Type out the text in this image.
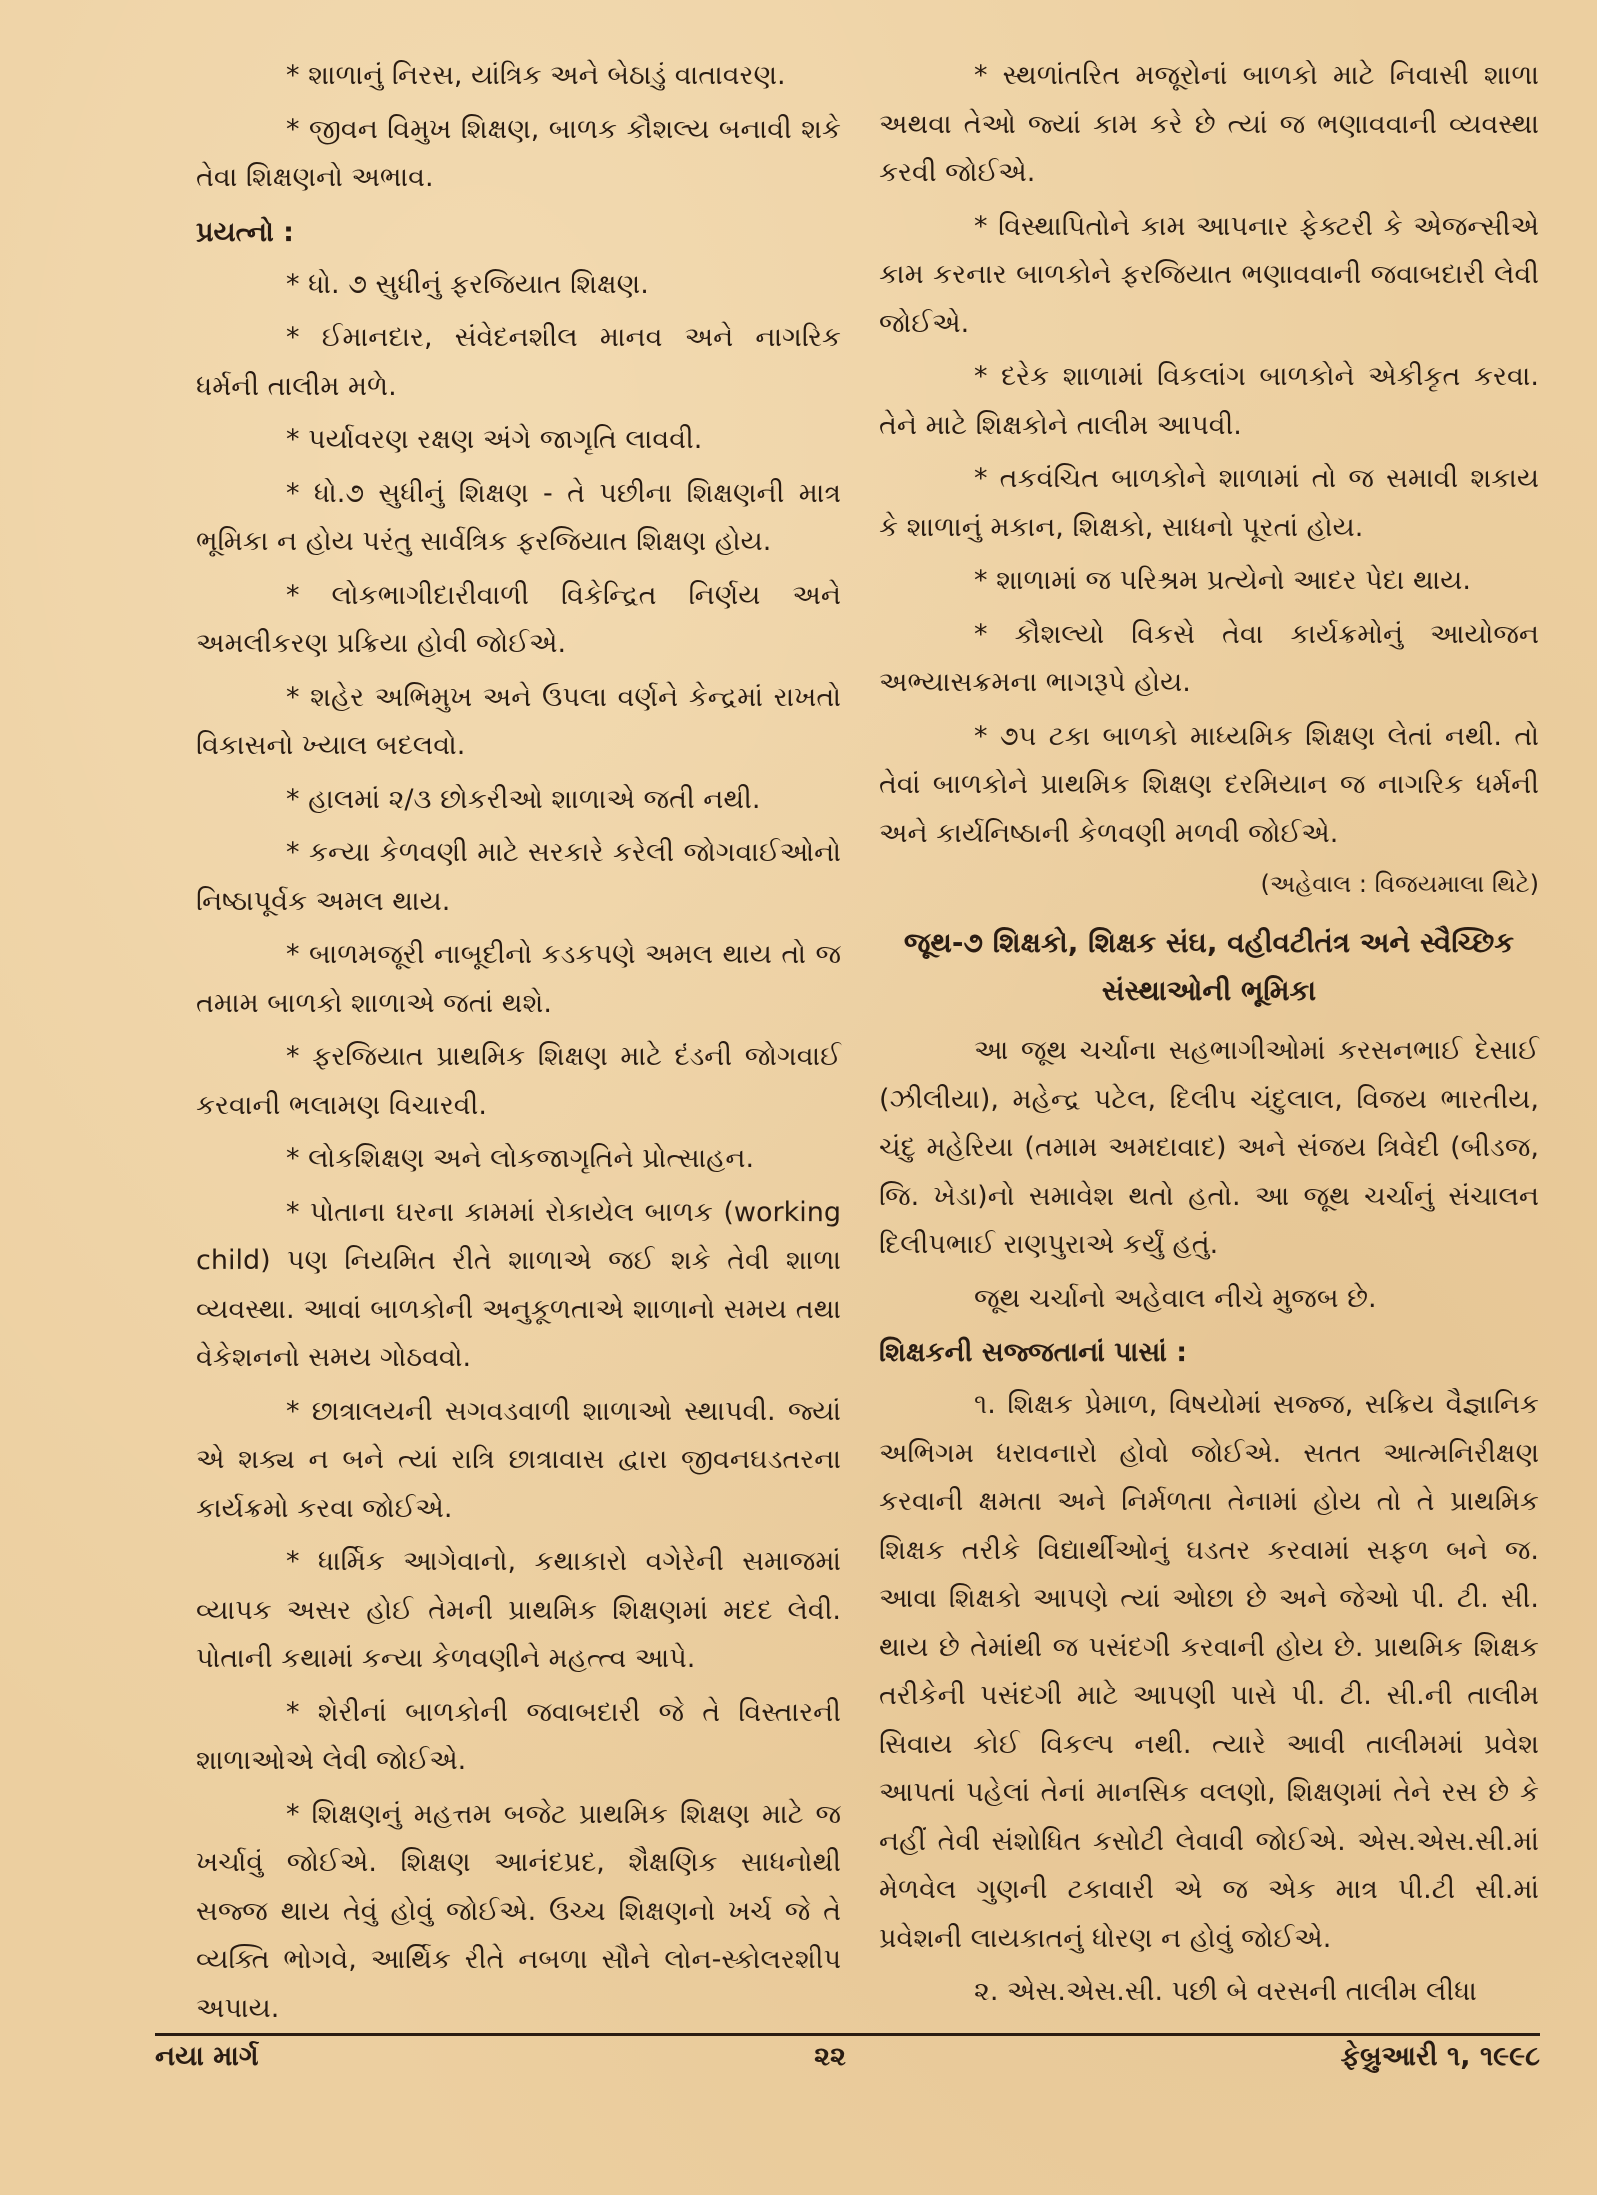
* શાળાનું નિરસ, યાંત્રિક અને બેઠાડું વાતાવરણ.

* જીવન વિમુખ શિક્ષણ, બાળક કૌશલ્ય બનાવી શકે તેવા શિક્ષણનો અભાવ.

પ્રયત્નો :

* ધો. ૭ સુધીનું ફરજિયાત શિક્ષણ.

* ઈમાનદાર, સંવેદનશીલ માનવ અને નાગરિક ધર્મની તાલીમ મળે.

* પર્યાવરણ રક્ષણ અંગે જાગૃતિ લાવવી.

* ધો.૭ સુધીનું શિક્ષણ - તે પછીના શિક્ષણની માત્ર ભૂમિકા ન હોય પરંતુ સાર્વત્રિક ફરજિયાત શિક્ષણ હોય.

* લોકભાગીદારીવાળી વિકેન્દ્રિત નિર્ણય અને અમલીકરણ પ્રક્રિયા હોવી જોઈએ.

* શહેર અભિમુખ અને ઉપલા વર્ણને કેન્દ્રમાં રાખતો વિકાસનો ખ્યાલ બદલવો.

* હાલમાં ૨/૩ છોકરીઓ શાળાએ જતી નથી.

* કન્યા કેળવણી માટે સરકારે કરેલી જોગવાઈઓનો નિષ્ઠાપૂર્વક અમલ થાય.

* બાળમજૂરી નાબૂદીનો કડકપણે અમલ થાય તો જ તમામ બાળકો શાળાએ જતાં થશે.

* ફરજિયાત પ્રાથમિક શિક્ષણ માટે દંડની જોગવાઈ કરવાની ભલામણ વિચારવી.

* લોકશિક્ષણ અને લોકજાગૃતિને પ્રોત્સાહન.

* પોતાના ઘરના કામમાં રોકાયેલ બાળક (working child) પણ નિયમિત રીતે શાળાએ જઈ શકે તેવી શાળા વ્યવસ્થા. આવાં બાળકોની અનુકૂળતાએ શાળાનો સમય તથા વેકેશનનો સમય ગોઠવવો.

* છાત્રાલયની સગવડવાળી શાળાઓ સ્થાપવી. જ્યાં એ શક્ય ન બને ત્યાં રાત્રિ છાત્રાવાસ દ્વારા જીવનઘડતરના કાર્યક્રમો કરવા જોઈએ.

* ધાર્મિક આગેવાનો, કથાકારો વગેરેની સમાજમાં વ્યાપક અસર હોઈ તેમની પ્રાથમિક શિક્ષણમાં મદદ લેવી. પોતાની કથામાં કન્યા કેળવણીને મહત્ત્વ આપે.

* શેરીનાં બાળકોની જવાબદારી જે તે વિસ્તારની શાળાઓએ લેવી જોઈએ.

* શિક્ષણનું મહત્તમ બજેટ પ્રાથમિક શિક્ષણ માટે જ ખર્ચાવું જોઈએ. શિક્ષણ આનંદપ્રદ, શૈક્ષણિક સાધનોથી સજ્જ થાય તેવું હોવું જોઈએ. ઉચ્ચ શિક્ષણનો ખર્ચ જે તે વ્યક્તિ ભોગવે, આર્થિક રીતે નબળા સૌને લોન-સ્કોલરશીપ અપાય.

* સ્થળાંતરિત મજૂરોનાં બાળકો માટે નિવાસી શાળા અથવા તેઓ જ્યાં કામ કરે છે ત્યાં જ ભણાવવાની વ્યવસ્થા કરવી જોઈએ.

* વિસ્થાપિતોને કામ આપનાર ફેક્ટરી કે એજન્સીએ કામ કરનાર બાળકોને ફરજિયાત ભણાવવાની જવાબદારી લેવી જોઈએ.

* દરેક શાળામાં વિકલાંગ બાળકોને એકીકૃત કરવા. તેને માટે શિક્ષકોને તાલીમ આપવી.

* તકવંચિત બાળકોને શાળામાં તો જ સમાવી શકાય કે શાળાનું મકાન, શિક્ષકો, સાધનો પૂરતાં હોય.

* શાળામાં જ પરિશ્રમ પ્રત્યેનો આદર પેદા થાય.

* કૌશલ્યો વિકસે તેવા કાર્યક્રમોનું આયોજન અભ્યાસક્રમના ભાગરૂપે હોય.

* ૭૫ ટકા બાળકો માધ્યમિક શિક્ષણ લેતાં નથી. તો તેવાં બાળકોને પ્રાથમિક શિક્ષણ દરમિયાન જ નાગરિક ધર્મની અને કાર્યનિષ્ઠાની કેળવણી મળવી જોઈએ.

(અહેવાલ : વિજયમાલા થિટે)

જૂથ-૭ શિક્ષકો, શિક્ષક સંઘ, વહીવટીતંત્ર અને સ્વૈચ્છિક સંસ્થાઓની ભૂમિકા

આ જૂથ ચર્ચાના સહભાગીઓમાં કરસનભાઈ દેસાઈ (ઝીલીયા), મહેન્દ્ર પટેલ, દિલીપ ચંદુલાલ, વિજય ભારતીય, ચંદુ મહેરિયા (તમામ અમદાવાદ) અને સંજય ત્રિવેદી (બીડજ, જિ. ખેડા)નો સમાવેશ થતો હતો. આ જૂથ ચર્ચાનું સંચાલન દિલીપભાઈ રાણપુરાએ કર્યું હતું.

જૂથ ચર્ચાનો અહેવાલ નીચે મુજબ છે.

શિક્ષકની સજ્જતાનાં પાસાં :

૧. શિક્ષક પ્રેમાળ, વિષયોમાં સજ્જ, સક્રિય વૈજ્ઞાનિક અભિગમ ધરાવનારો હોવો જોઈએ. સતત આત્મનિરીક્ષણ કરવાની ક્ષમતા અને નિર્મળતા તેનામાં હોય તો તે પ્રાથમિક શિક્ષક તરીકે વિદ્યાર્થીઓનું ઘડતર કરવામાં સફળ બને જ. આવા શિક્ષકો આપણે ત્યાં ઓછા છે અને જેઓ પી. ટી. સી. થાય છે તેમાંથી જ પસંદગી કરવાની હોય છે. પ્રાથમિક શિક્ષક તરીકેની પસંદગી માટે આપણી પાસે પી. ટી. સી.ની તાલીમ સિવાય કોઈ વિકલ્પ નથી. ત્યારે આવી તાલીમમાં પ્રવેશ આપતાં પહેલાં તેનાં માનસિક વલણો, શિક્ષણમાં તેને રસ છે કે નહીં તેવી સંશોધિત કસોટી લેવાવી જોઈએ. એસ.એસ.સી.માં મેળવેલ ગુણની ટકાવારી એ જ એક માત્ર પી.ટી સી.માં પ્રવેશની લાયકાતનું ધોરણ ન હોવું જોઈએ.

૨. એસ.એસ.સી. પછી બે વરસની તાલીમ લીધા

નયા માર્ગ	૨૨	ફેબ્રુઆરી ૧, ૧૯૯૮
